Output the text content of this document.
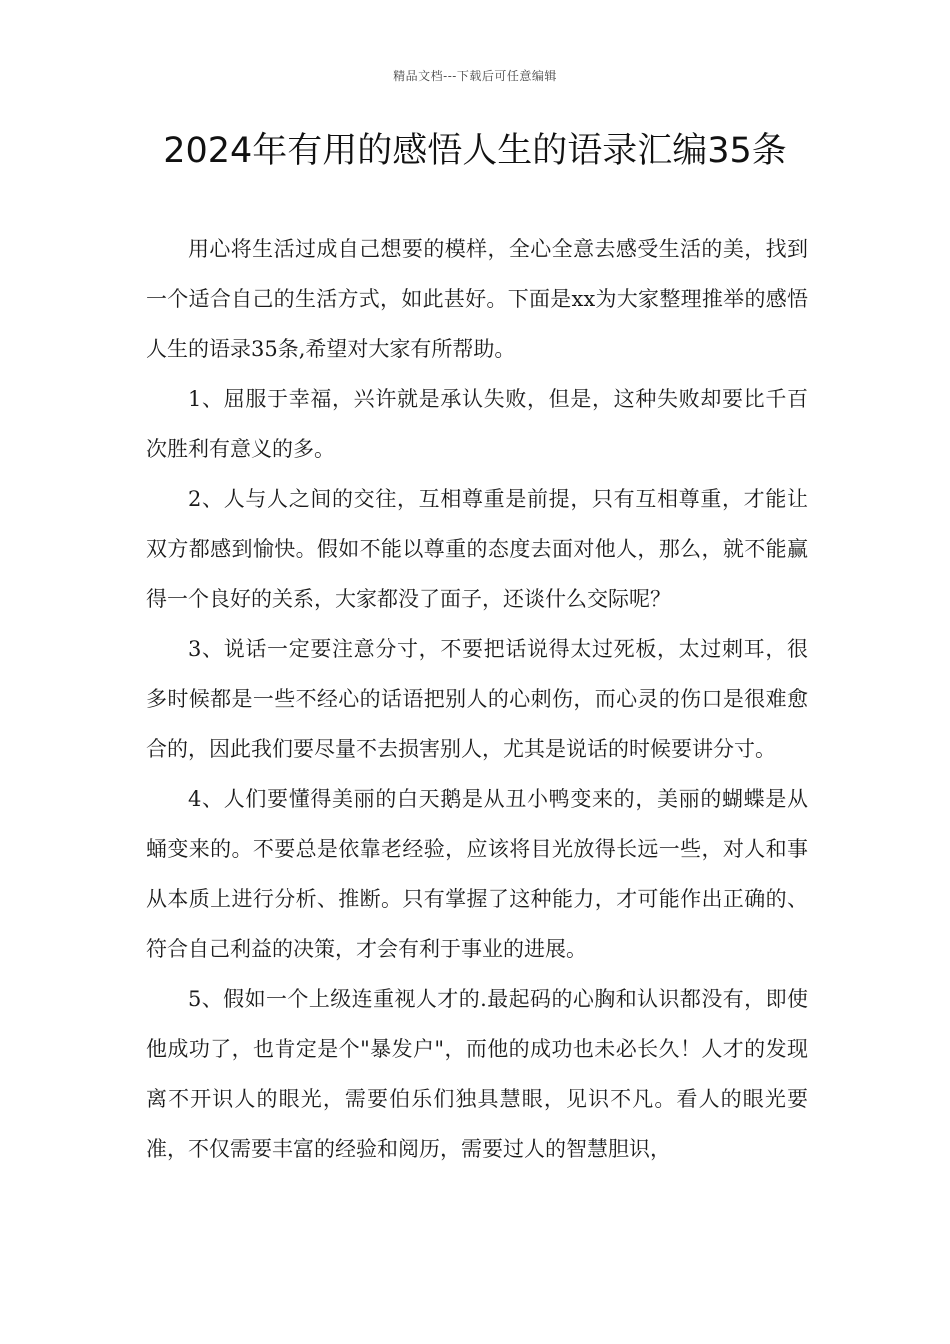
精品文档---下载后可任意编辑
2024年有用的感悟人生的语录汇编35条

用心将生活过成自己想要的模样，全心全意去感受生活的美，找到一个适合自己的生活方式，如此甚好。下面是xx为大家整理推举的感悟人生的语录35条,希望对大家有所帮助。

1、屈服于幸福，兴许就是承认失败，但是，这种失败却要比千百次胜利有意义的多。

2、人与人之间的交往，互相尊重是前提，只有互相尊重，才能让双方都感到愉快。假如不能以尊重的态度去面对他人，那么，就不能赢得一个良好的关系，大家都没了面子，还谈什么交际呢？

3、说话一定要注意分寸，不要把话说得太过死板，太过刺耳，很多时候都是一些不经心的话语把别人的心刺伤，而心灵的伤口是很难愈合的，因此我们要尽量不去损害别人，尤其是说话的时候要讲分寸。

4、人们要懂得美丽的白天鹅是从丑小鸭变来的，美丽的蝴蝶是从蛹变来的。不要总是依靠老经验，应该将目光放得长远一些，对人和事从本质上进行分析、推断。只有掌握了这种能力，才可能作出正确的、符合自己利益的决策，才会有利于事业的进展。

5、假如一个上级连重视人才的.最起码的心胸和认识都没有，即使他成功了，也肯定是个"暴发户"，而他的成功也未必长久！人才的发现离不开识人的眼光，需要伯乐们独具慧眼，见识不凡。看人的眼光要准，不仅需要丰富的经验和阅历，需要过人的智慧胆识，
